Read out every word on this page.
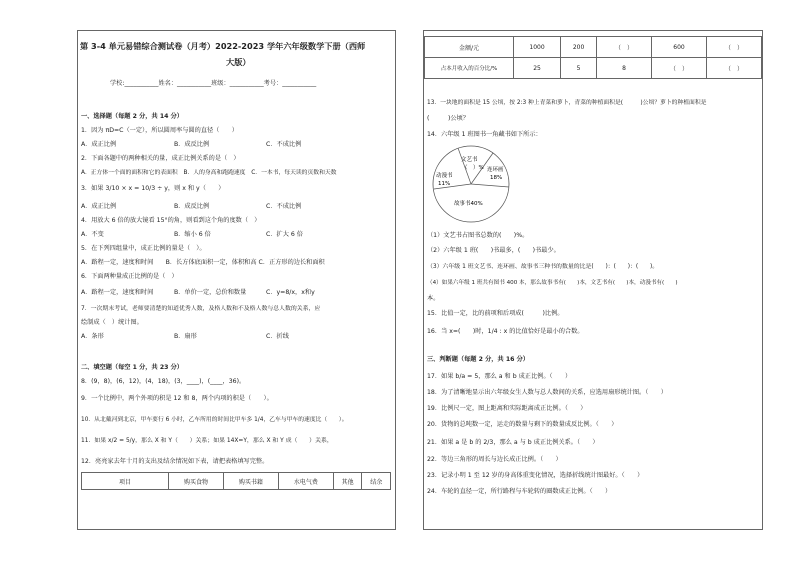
第 3-4 单元易错综合测试卷（月考）2022-2023 学年六年级数学下册（西师
大版）
学校:___________姓名：___________班级：___________考号：___________
一、选择题（每题 2 分，共 14 分）
1．因为 πD=C（一定），所以圆周率与圆的直径（　　）
A．成正比例	B．成反比例	C．不成比例
2．下面各题中的两种相关的量，成正比例关系的是（　）
A．正方体一个面的面积和它的表面积　B．人的身高和跑跑速度　C．一本书，每天读的页数和天数
3．如果 3/10 × x = 10/3 ÷ y，则 x 和 y（　　）
A．成正比例	B．成反比例	C．不成比例
4．用放大 6 倍的放大镜看 15°的角，则看到这个角的度数（　）
A．不变	B．缩小 6 倍	C．扩大 6 倍
5．在下列四组量中，成正比例的量是（　）。
A．路程一定，速度和时间　　B．长方体底面积一定，体积和高 C．正方形的边长和面积
6．下面两种量成正比例的是（　）
A．路程一定，速度和时间	B．单价一定，总价和数量	C．y=8/x，x和y
7．一次期末考试，老师要清楚的知道优秀人数，及格人数和不及格人数与总人数的关系，应
绘制成（　）统计图。
A．条形	B．扇形	C．折线
二、填空题（每空 1 分，共 23 分）
8．(9，8)，(6，12)，(4，18)，(3，____)，(____，36)。
9．一个比例中，两个外项的积是 12 和 8，两个内项的积是（　　）。
10．从北戴河到北京，甲车要行 6 小时，乙车所用的时间比甲车多 1/4，乙车与甲车的速度比（　　）。
11．如果 x/2 = 5/y，那么 X 和 Y（　　）关系；如果 14X=Y，那么 X 和 Y 成（　　）关系，
12．亮亮家去年十月的支出及结余情况如下表，请把表格填写完整。
项目	购买食物	购买书籍	水电气费	其他	结余
金额/元	1000	200	（　）	600	（　）
占本月收入的百分比/%	25	5	8	（　）	（　）
13．一块地的面积是 15 公顷，按 2:3 种上青菜和萝卜，青菜的种植面积是(　　　)公顷？萝卜的种植面积是
(　　　)公顷？
14．六年级 1 班图书一角藏书如下所示：
文艺书
（　）%
动漫书
11%
连环画
18%
故事书40%
（1）文艺书占图书总数的(　　)%。
（2）六年级 1 班(　　)书最多，(　　)书最少。
（3）六年级 1 班文艺书、连环画、故事书三种书的数量的比是(　　)：(　　)：(　　)。
（4）如果六年级 1 班共有图书 400 本，那么故事书有(　　)本，文艺书有(　　)本，动漫书有(　　)
本。
15．比值一定，比的前项和后项成(　　　)比例。
16．当 x=(　　)时，1/4 : x 的比值恰好是最小的合数。
三、判断题（每题 2 分，共 16 分）
17．如果 b/a = 5，那么 a 和 b 成正比例。（　　）
18．为了清晰地显示出六年级女生人数与总人数间的关系，应选用扇形统计图。（　　）
19．比例尺一定，图上距离和实际距离成正比例。（　　）
20．货物的总吨数一定，运走的数量与剩下的数量成反比例。（　　）
21．如果 a 是 b 的 2/3，那么 a 与 b 成正比例关系。（　　）
22．等边三角形的周长与边长成正比例。（　　）
23．记录小明 1 至 12 岁的身高体重变化情况，选择折线统计图最好。（　　）
24．车轮的直径一定，所行路程与车轮转的圈数成正比例。（　　）
